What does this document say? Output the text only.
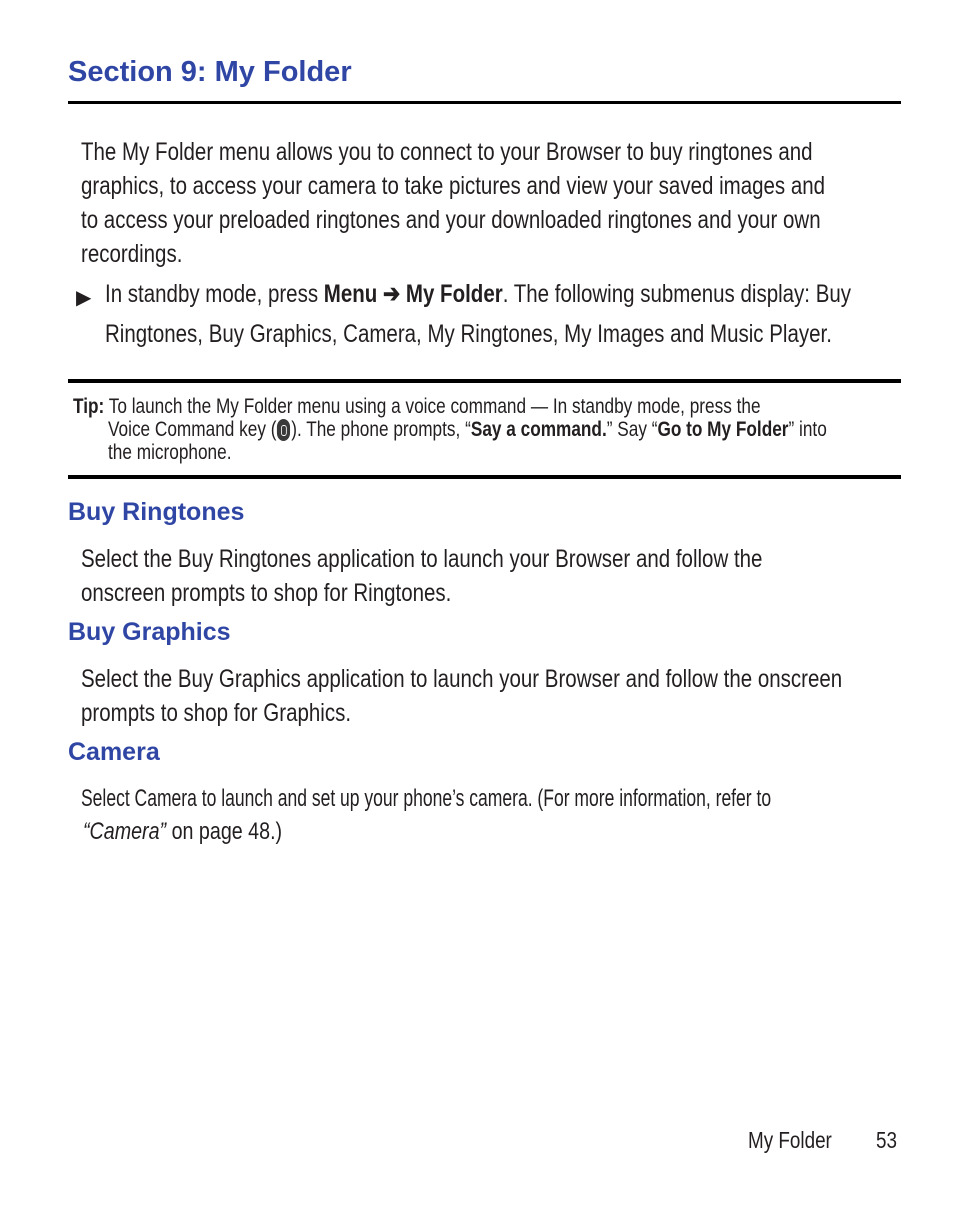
Section 9: My Folder
The My Folder menu allows you to connect to your Browser to buy ringtones and
graphics, to access your camera to take pictures and view your saved images and
to access your preloaded ringtones and your downloaded ringtones and your own
recordings.
▶ In standby mode, press Menu ➔ My Folder. The following submenus display: Buy
Ringtones, Buy Graphics, Camera, My Ringtones, My Images and Music Player.
Tip: To launch the My Folder menu using a voice command — In standby mode, press the
Voice Command key ( ). The phone prompts, “Say a command.” Say “Go to My Folder” into
the microphone.
Buy Ringtones
Select the Buy Ringtones application to launch your Browser and follow the
onscreen prompts to shop for Ringtones.
Buy Graphics
Select the Buy Graphics application to launch your Browser and follow the onscreen
prompts to shop for Graphics.
Camera
Select Camera to launch and set up your phone’s camera. (For more information, refer to
“Camera” on page 48.)
My Folder	53
